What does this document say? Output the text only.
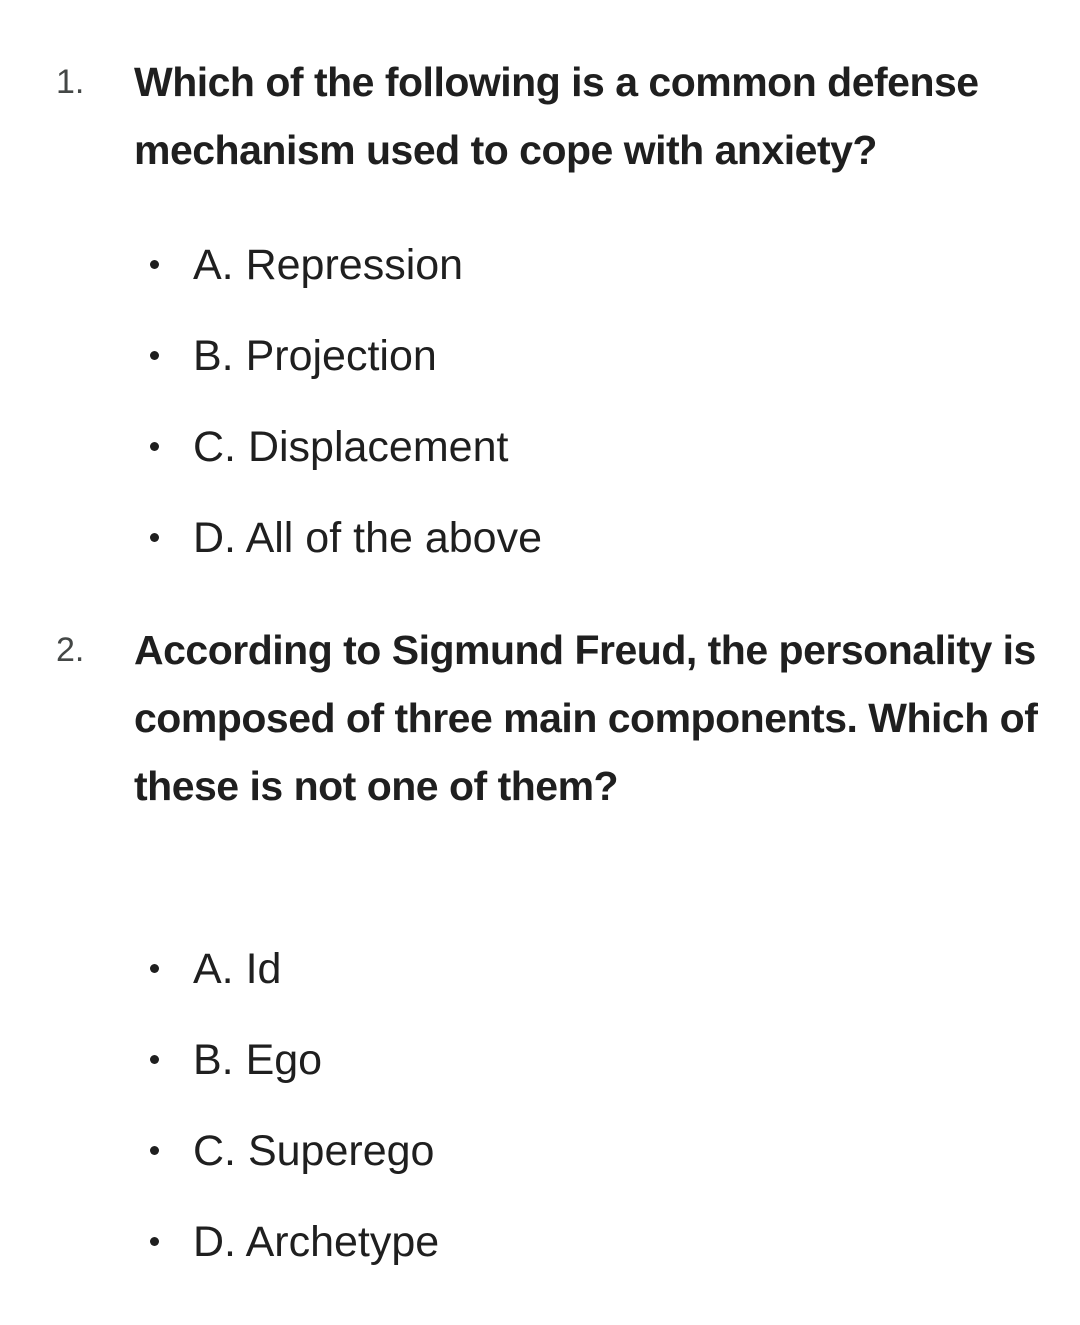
1. Which of the following is a common defense mechanism used to cope with anxiety?
A. Repression
B. Projection
C. Displacement
D. All of the above
2. According to Sigmund Freud, the personality is composed of three main components. Which of these is not one of them?
A. Id
B. Ego
C. Superego
D. Archetype
